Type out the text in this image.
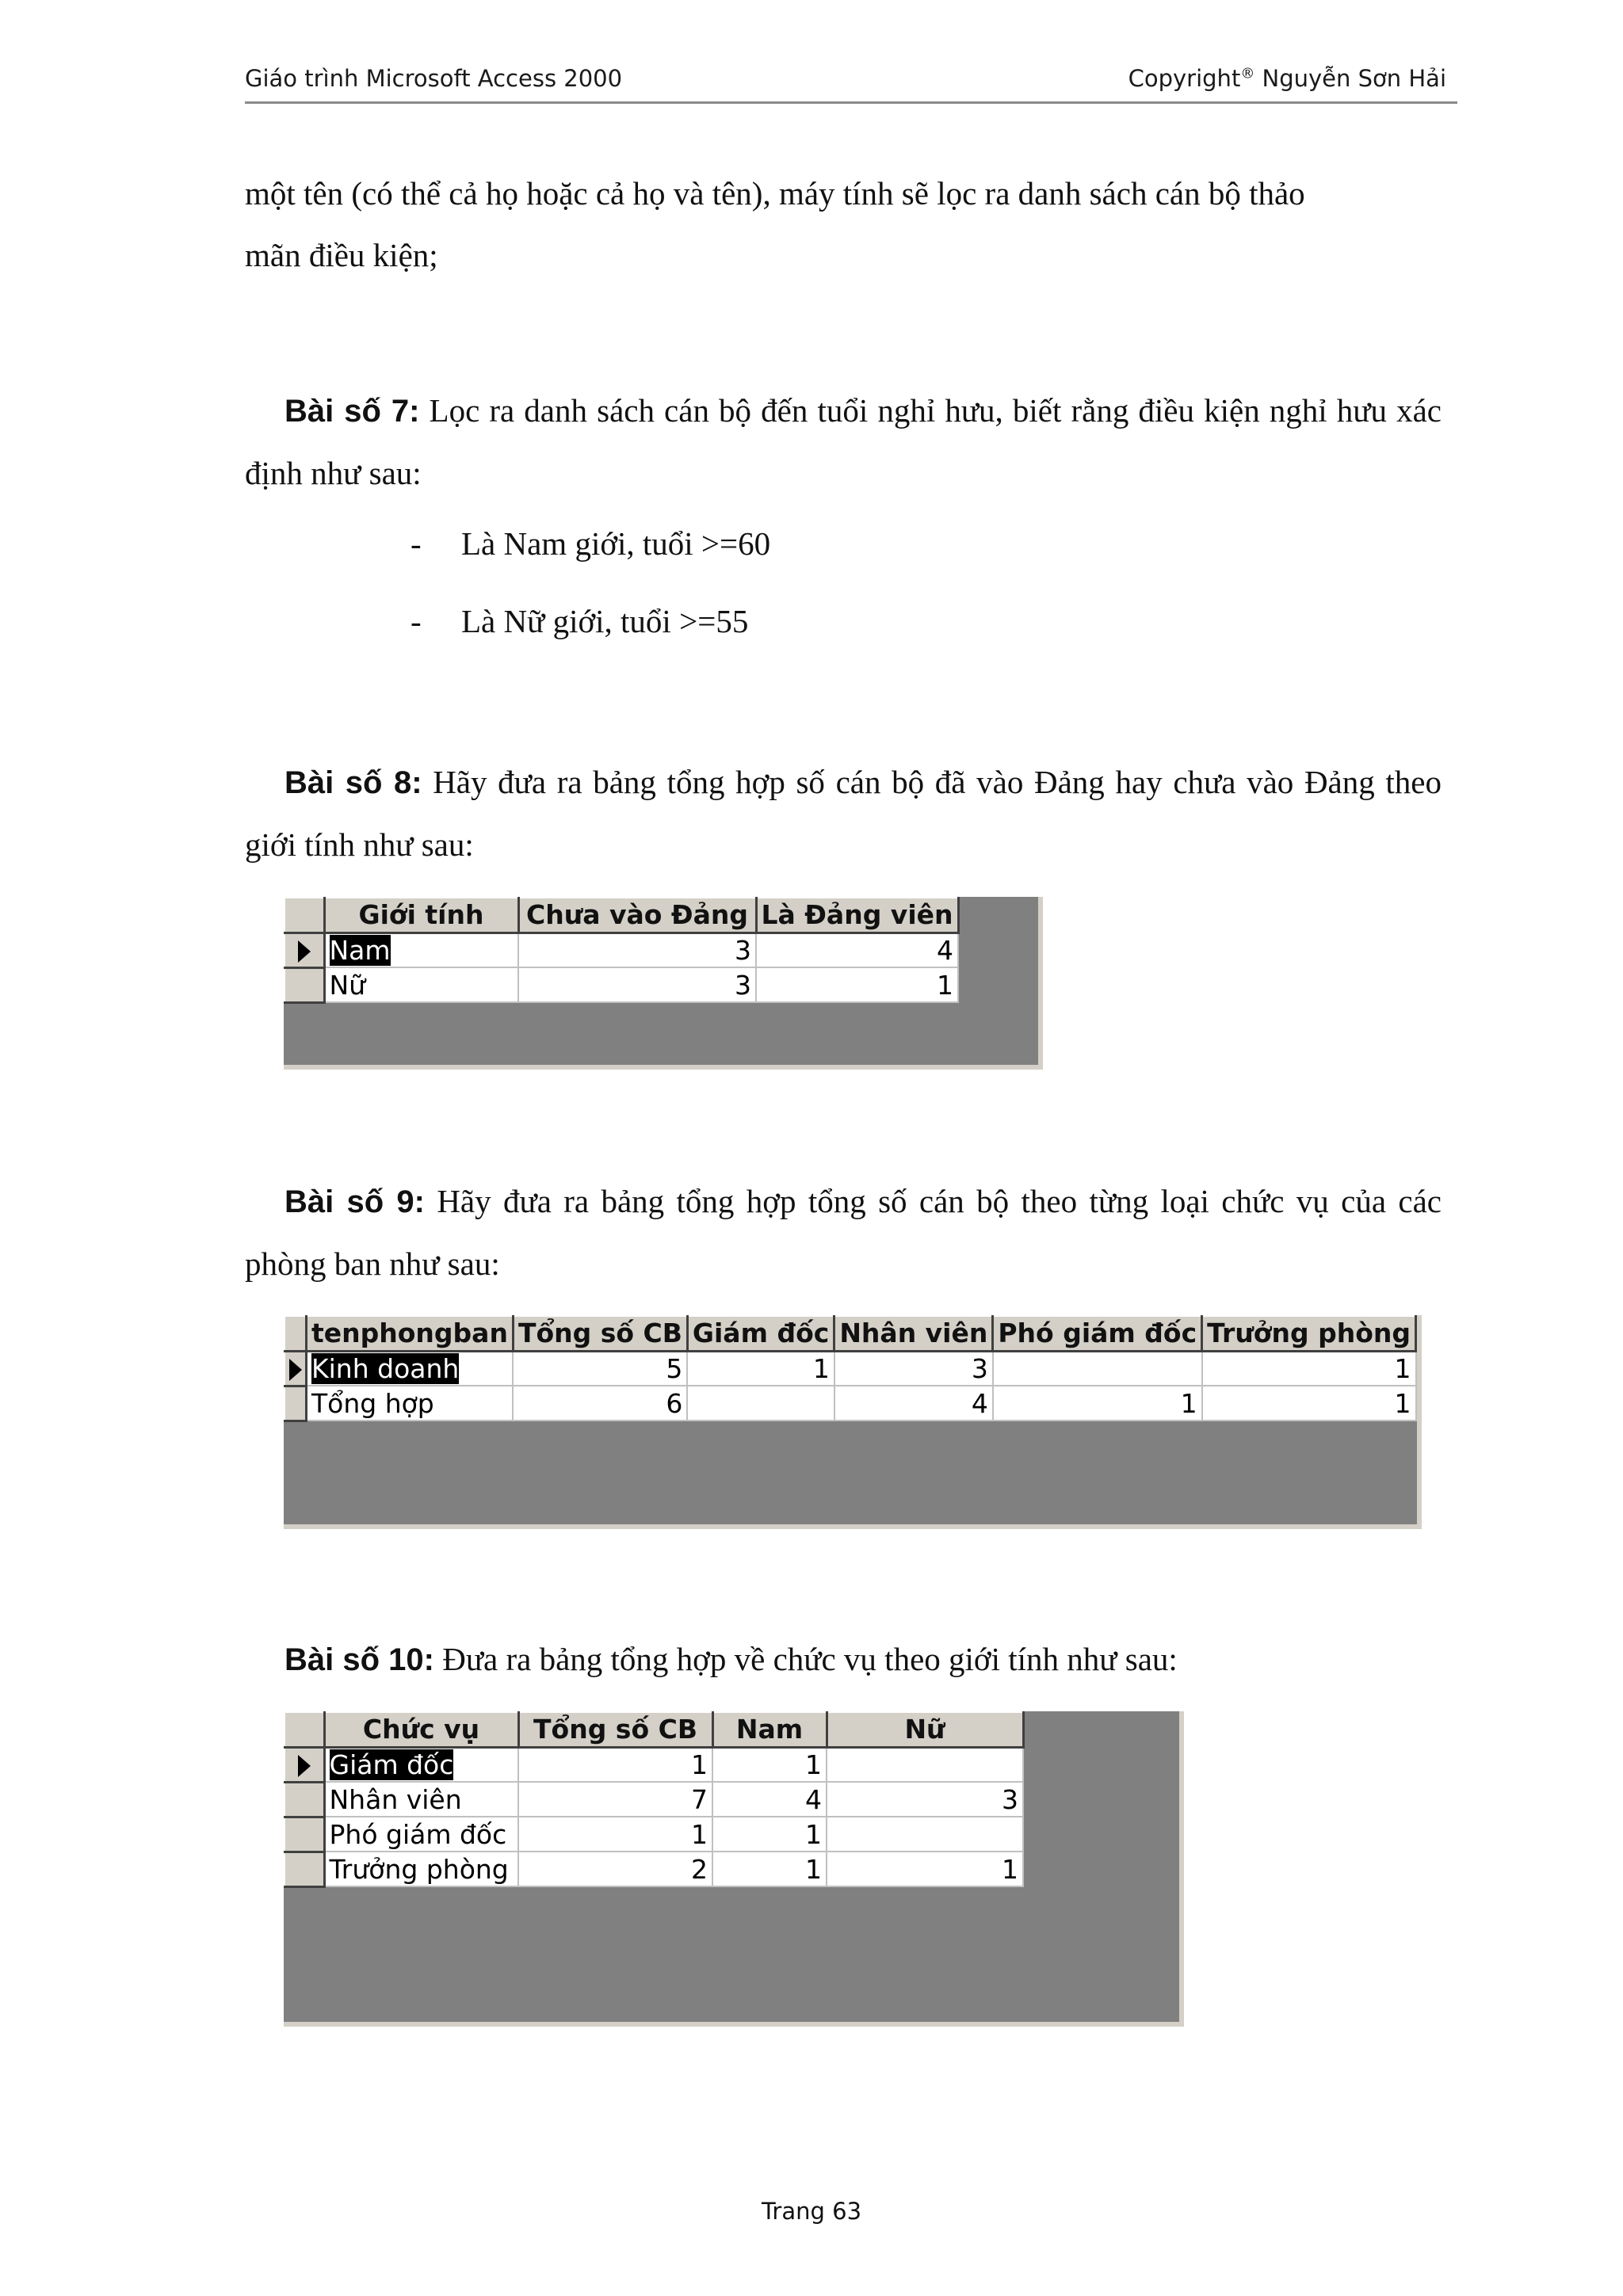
Giáo trình Microsoft Access 2000	Copyright® Nguyễn Sơn Hải
một tên (có thể cả họ hoặc cả họ và tên), máy tính sẽ lọc ra danh sách cán bộ thảo
mãn điều kiện;
Bài số 7: Lọc ra danh sách cán bộ đến tuổi nghỉ hưu, biết rằng điều kiện nghỉ hưu xác định như sau:
- Là Nam giới, tuổi >=60
- Là Nữ giới, tuổi >=55
Bài số 8: Hãy đưa ra bảng tổng hợp số cán bộ đã vào Đảng hay chưa vào Đảng theo giới tính như sau:
	Giới tính	Chưa vào Đảng	Là Đảng viên
	Nam	3	4
	Nữ	3	1
Bài số 9: Hãy đưa ra bảng tổng hợp tổng số cán bộ theo từng loại chức vụ của các phòng ban như sau:
	tenphongban	Tổng số CB	Giám đốc	Nhân viên	Phó giám đốc	Trưởng phòng
	Kinh doanh	5	1	3		1
	Tổng hợp	6		4	1	1
Bài số 10: Đưa ra bảng tổng hợp về chức vụ theo giới tính như sau:
	Chức vụ	Tổng số CB	Nam	Nữ
	Giám đốc	1	1	
	Nhân viên	7	4	3
	Phó giám đốc	1	1	
	Trưởng phòng	2	1	1
Trang 63
